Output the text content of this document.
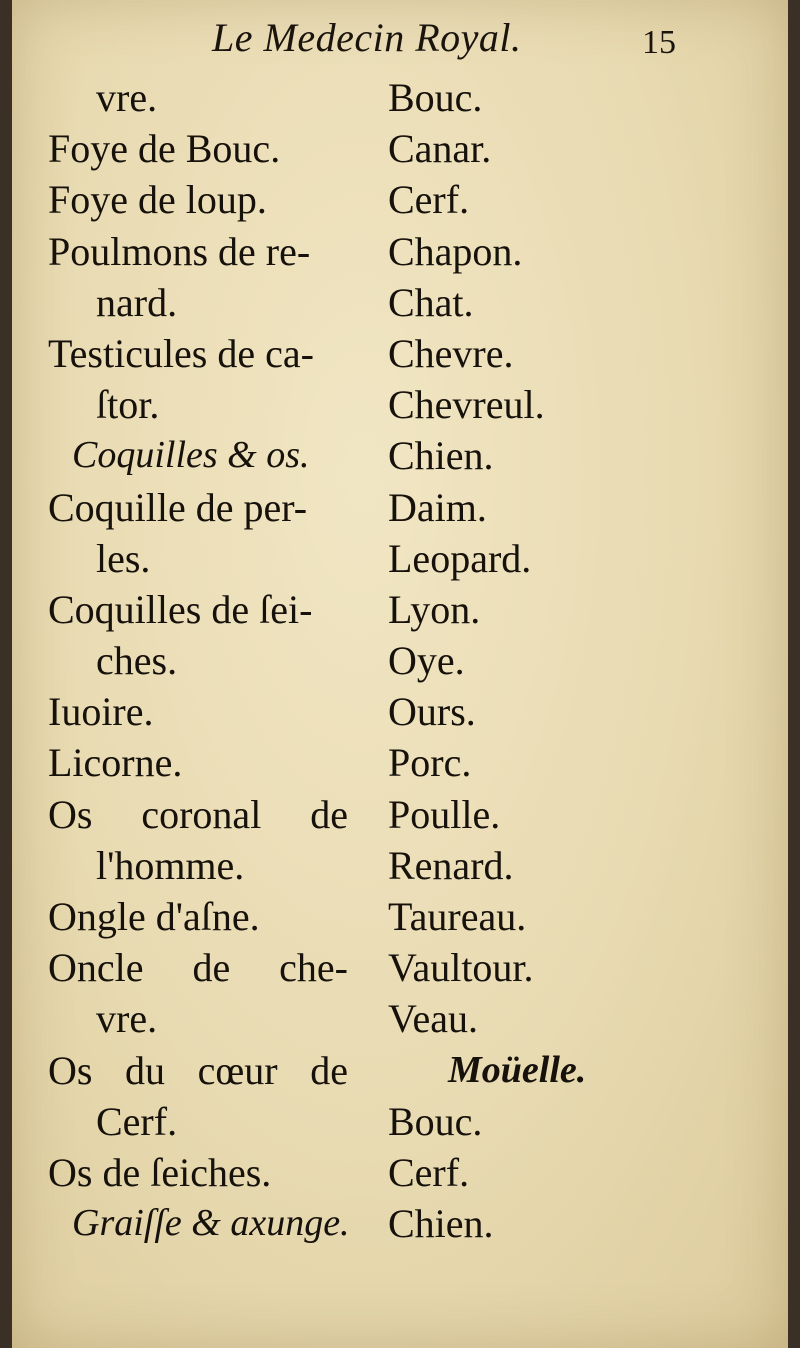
Le Medecin Royal.	15
vre.
Foye de Bouc.
Foye de loup.
Poulmons de re-
nard.
Testicules de ca-
ſtor.
Coquilles & os.
Coquille de per-
les.
Coquilles de ſei-
ches.
Iuoire.
Licorne.
Os coronal de
l'homme.
Ongle d'aſne.
Oncle de che-
vre.
Os du cœur de
Cerf.
Os de ſeiches.
Graiſſe & axunge.
Bouc.
Canar.
Cerf.
Chapon.
Chat.
Chevre.
Chevreul.
Chien.
Daim.
Leopard.
Lyon.
Oye.
Ours.
Porc.
Poulle.
Renard.
Taureau.
Vaultour.
Veau.
Moüelle.
Bouc.
Cerf.
Chien.
